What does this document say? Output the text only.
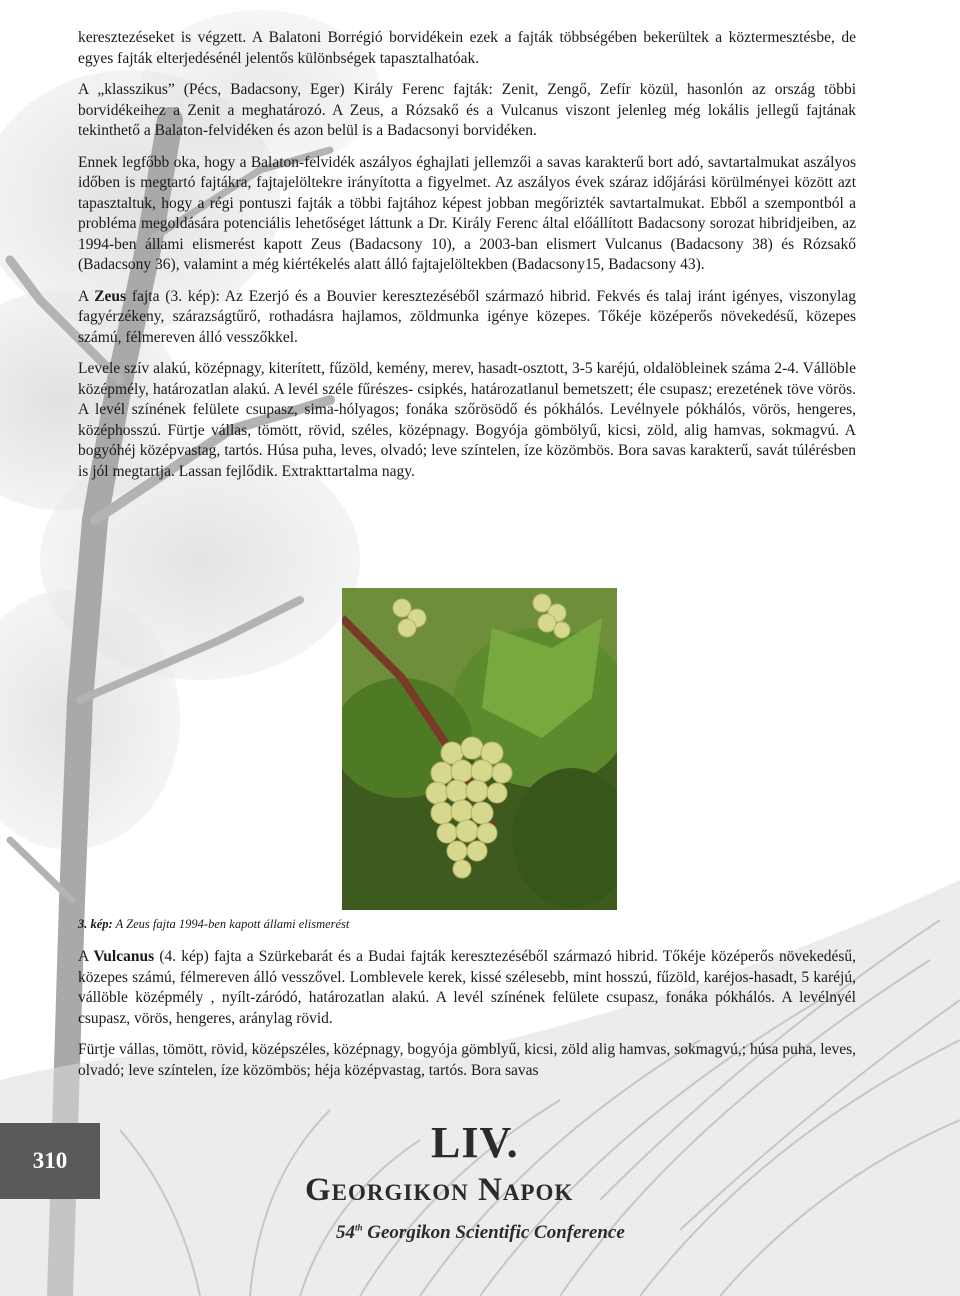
keresztezéseket is végzett. A Balatoni Borrégió borvidékein ezek a fajták többségében bekerültek a köztermesztésbe, de egyes fajták elterjedésénél jelentős különbségek tapasztalhatóak.

A „klasszikus” (Pécs, Badacsony, Eger) Király Ferenc fajták: Zenit, Zengő, Zefír közül, hasonlón az ország többi borvidékeihez a Zenit a meghatározó. A Zeus, a Rózsakő és a Vulcanus viszont jelenleg még lokális jellegű fajtának tekinthető a Balaton-felvidéken és azon belül is a Badacsonyi borvidéken.

Ennek legfőbb oka, hogy a Balaton-felvidék aszályos éghajlati jellemzői a savas karakterű bort adó, savtartalmukat aszályos időben is megtartó fajtákra, fajtajelöltekre irányította a figyelmet. Az aszályos évek száraz időjárási körülményei között azt tapasztaltuk, hogy a régi pontuszi fajták a többi fajtához képest jobban megőrizték savtartalmukat. Ebből a szempontból a probléma megoldására potenciális lehetőséget láttunk a Dr. Király Ferenc által előállított Badacsony sorozat hibridjeiben, az 1994-ben állami elismerést kapott Zeus (Badacsony 10), a 2003-ban elismert Vulcanus (Badacsony 38) és Rózsakő (Badacsony 36), valamint a még kiértékelés alatt álló fajtajelöltekben (Badacsony15, Badacsony 43).

A Zeus fajta (3. kép): Az Ezerjó és a Bouvier keresztezéséből származó hibrid. Fekvés és talaj iránt igényes, viszonylag fagyérzékeny, szárazságtűrő, rothadásra hajlamos, zöldmunka igénye közepes. Tőkéje középerős növekedésű, közepes számú, félmereven álló vesszőkkel.

Levele szív alakú, középnagy, kiterített, fűzöld, kemény, merev, hasadt-osztott, 3-5 karéjú, oldalöbleinek száma 2-4. Vállöble középmély, határozatlan alakú. A levél széle fűrészes- csipkés, határozatlanul bemetszett; éle csupasz; erezetének töve vörös. A levél színének felülete csupasz, sima-hólyagos; fonáka szőrösödő és pókhálós. Levélnyele pókhálós, vörös, hengeres, középhosszú. Fürtje vállas, tömött, rövid, széles, középnagy. Bogyója gömbölyű, kicsi, zöld, alig hamvas, sokmagvú. A bogyóhéj középvastag, tartós. Húsa puha, leves, olvadó; leve színtelen, íze közömbös. Bora savas karakterű, savát túlérésben is jól megtartja. Lassan fejlődik. Extrakttartalma nagy.

3. kép: A Zeus fajta 1994-ben kapott állami elismerést

A Vulcanus (4. kép) fajta a Szürkebarát és a Budai fajták keresztezéséből származó hibrid. Tőkéje középerős növekedésű, közepes számú, félmereven álló vesszővel. Lomblevele kerek, kissé szélesebb, mint hosszú, fűzöld, karéjos-hasadt, 5 karéjú, vállöble középmély , nyílt-záródó, határozatlan alakú. A levél színének felülete csupasz, fonáka pókhálós. A levélnyél csupasz, vörös, hengeres, aránylag rövid.

Fürtje vállas, tömött, rövid, középszéles, középnagy, bogyója gömblyű, kicsi, zöld alig hamvas, sokmagvú,; húsa puha, leves, olvadó; leve színtelen, íze közömbös; héja középvastag, tartós. Bora savas

310	LIV.
Georgikon Napok
54th Georgikon Scientific Conference
